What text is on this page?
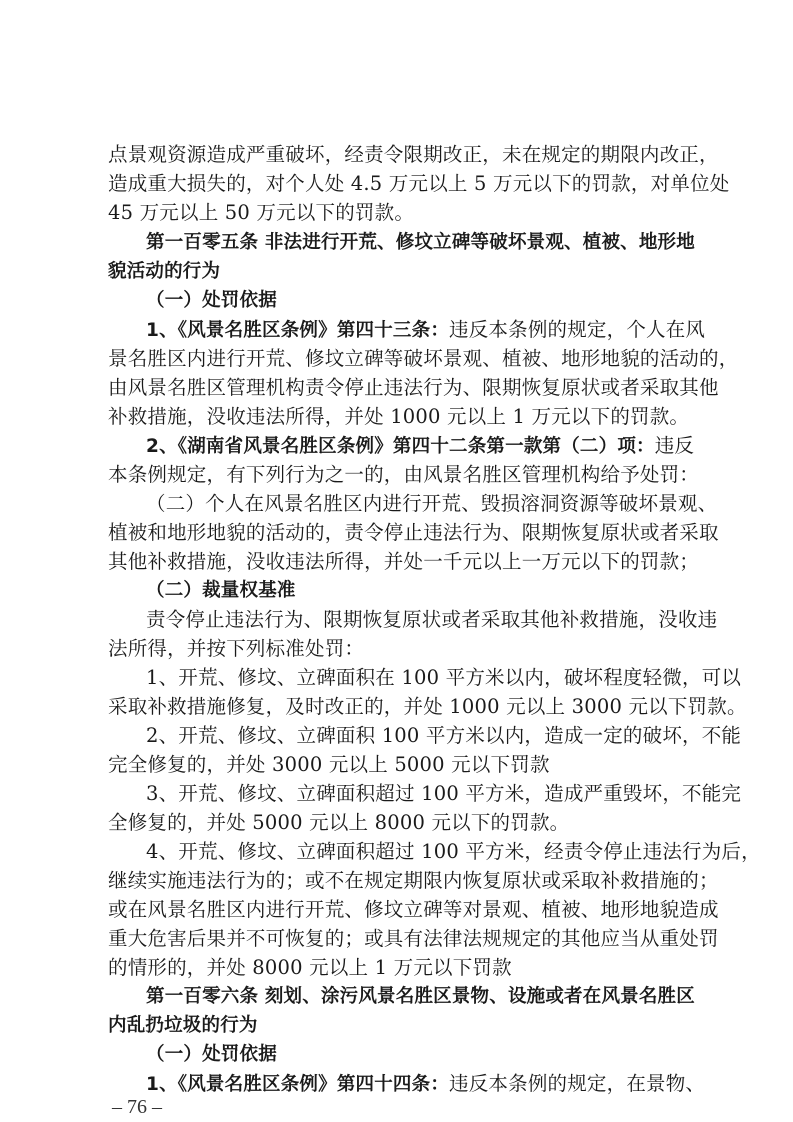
点景观资源造成严重破坏，经责令限期改正，未在规定的期限内改正，
造成重大损失的，对个人处 4.5 万元以上 5 万元以下的罚款，对单位处
45 万元以上 50 万元以下的罚款。
第一百零五条 非法进行开荒、修坟立碑等破坏景观、植被、地形地
貌活动的行为
（一）处罚依据
1、《风景名胜区条例》第四十三条：违反本条例的规定，个人在风
景名胜区内进行开荒、修坟立碑等破坏景观、植被、地形地貌的活动的，
由风景名胜区管理机构责令停止违法行为、限期恢复原状或者采取其他
补救措施，没收违法所得，并处 1000 元以上 1 万元以下的罚款。
2、《湖南省风景名胜区条例》第四十二条第一款第（二）项：违反
本条例规定，有下列行为之一的，由风景名胜区管理机构给予处罚：
（二）个人在风景名胜区内进行开荒、毁损溶洞资源等破坏景观、
植被和地形地貌的活动的，责令停止违法行为、限期恢复原状或者采取
其他补救措施，没收违法所得，并处一千元以上一万元以下的罚款；
（二）裁量权基准
责令停止违法行为、限期恢复原状或者采取其他补救措施，没收违
法所得，并按下列标准处罚：
1、开荒、修坟、立碑面积在 100 平方米以内，破坏程度轻微，可以
采取补救措施修复，及时改正的，并处 1000 元以上 3000 元以下罚款。
2、开荒、修坟、立碑面积 100 平方米以内，造成一定的破坏，不能
完全修复的，并处 3000 元以上 5000 元以下罚款
3、开荒、修坟、立碑面积超过 100 平方米，造成严重毁坏，不能完
全修复的，并处 5000 元以上 8000 元以下的罚款。
4、开荒、修坟、立碑面积超过 100 平方米，经责令停止违法行为后，
继续实施违法行为的；或不在规定期限内恢复原状或采取补救措施的；
或在风景名胜区内进行开荒、修坟立碑等对景观、植被、地形地貌造成
重大危害后果并不可恢复的；或具有法律法规规定的其他应当从重处罚
的情形的，并处 8000 元以上 1 万元以下罚款
第一百零六条 刻划、涂污风景名胜区景物、设施或者在风景名胜区
内乱扔垃圾的行为
（一）处罚依据
1、《风景名胜区条例》第四十四条：违反本条例的规定，在景物、
– 76 –
